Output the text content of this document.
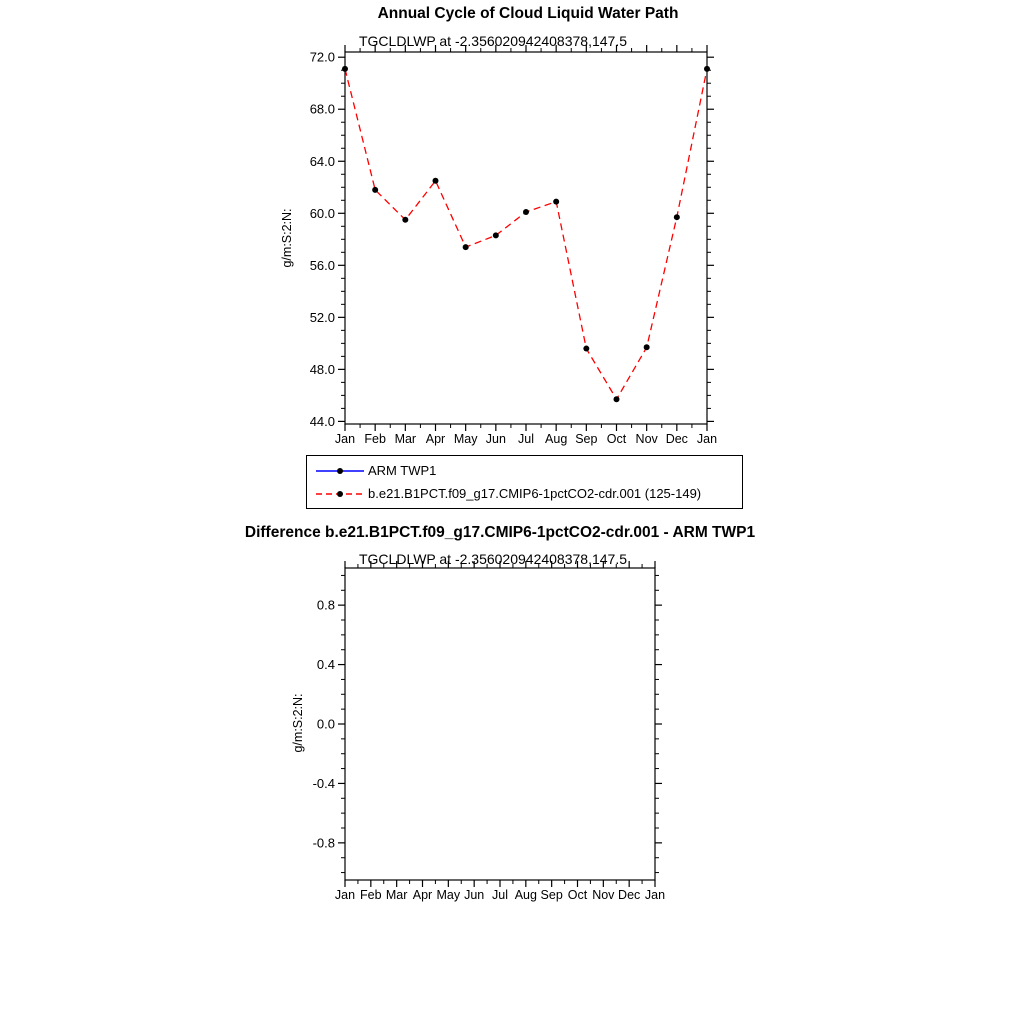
44.0
48.0
52.0
56.0
60.0
64.0
68.0
72.0
Jan Feb Mar Apr May Jun Jul Aug Sep Oct Nov Dec Jan
-0.8
-0.4
0.0
0.4
0.8
Jan Feb Mar Apr May Jun Jul Aug Sep Oct Nov Dec Jan
Annual Cycle of Cloud Liquid Water Path
TGCLDLWP at -2.356020942408378,147.5
g/m:S:2:N:
ARM TWP1
b.e21.B1PCT.f09_g17.CMIP6-1pctCO2-cdr.001 (125-149)
Difference b.e21.B1PCT.f09_g17.CMIP6-1pctCO2-cdr.001 - ARM TWP1
TGCLDLWP at -2.356020942408378,147.5
g/m:S:2:N:
